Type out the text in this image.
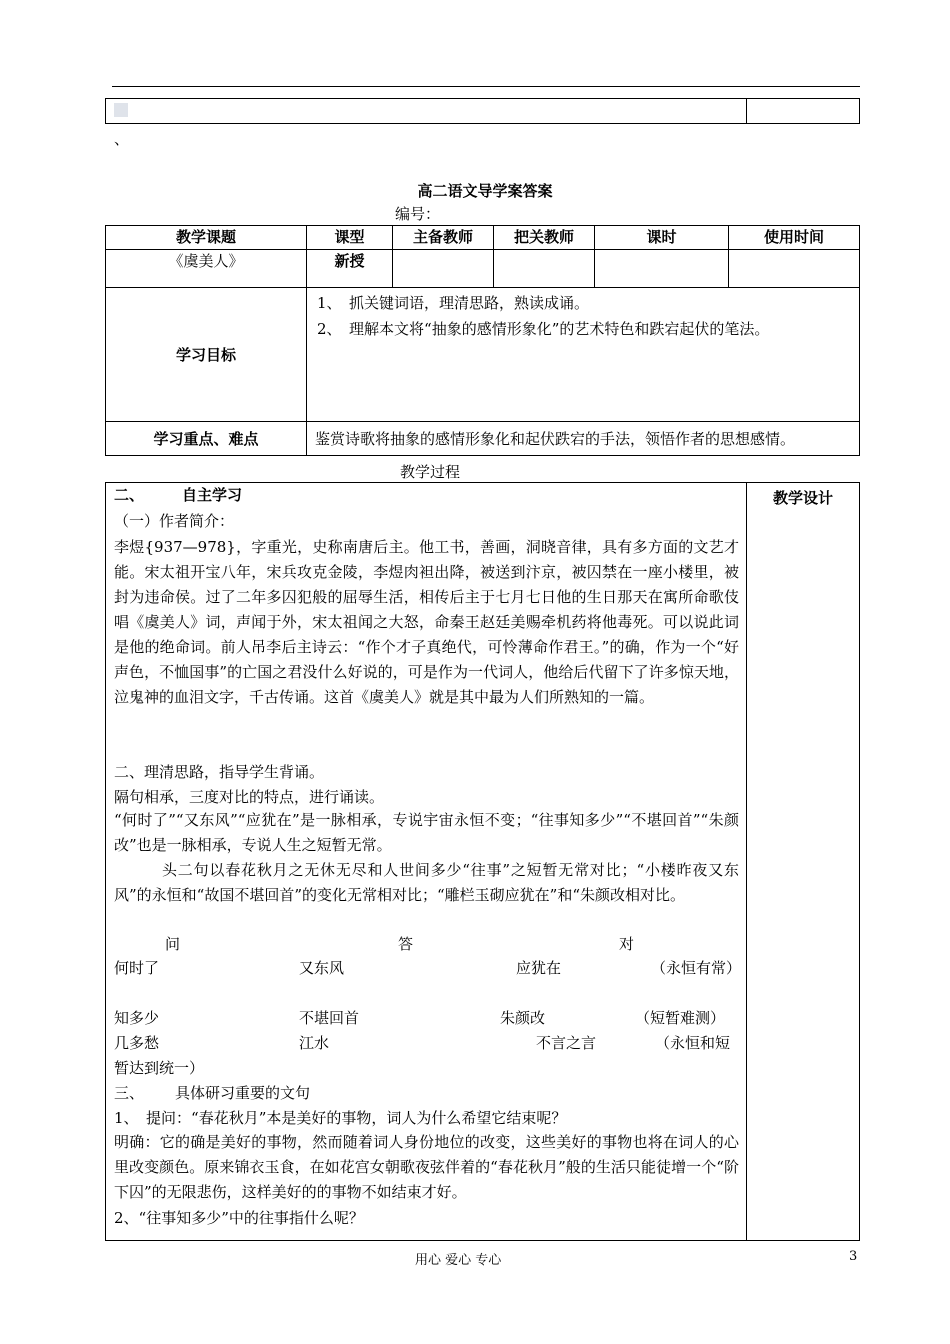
、
高二语文导学案答案
编号：
教学课题	课型	主备教师	把关教师	课时	使用时间
《虞美人》	新授				
学习目标	1、　抓关键词语，理清思路，熟读成诵。
2、　理解本文将“抽象的感情形象化”的艺术特色和跌宕起伏的笔法。				

学习重点、难点	鉴赏诗歌将抽象的感情形象化和起伏跌宕的手法，领悟作者的思想感情。				
教学过程
	教学设计
二、	自主学习
（一）作者简介：
李煜{937—978}，字重光，史称南唐后主。他工书，善画，洞晓音律，具有多方面的文艺才能。宋太祖开宝八年，宋兵攻克金陵，李煜肉袒出降，被送到汴京，被囚禁在一座小楼里，被封为违命侯。过了二年多囚犯般的屈辱生活，相传后主于七月七日他的生日那天在寓所命歌伎唱《虞美人》词，声闻于外，宋太祖闻之大怒，命秦王赵廷美赐牵机药将他毒死。可以说此词是他的绝命词。前人吊李后主诗云：“作个才子真绝代，可怜薄命作君王。”的确，作为一个“好声色，不恤国事”的亡国之君没什么好说的，可是作为一代词人，他给后代留下了许多惊天地，泣鬼神的血泪文字，千古传诵。这首《虞美人》就是其中最为人们所熟知的一篇。
二、理清思路，指导学生背诵。
隔句相承，三度对比的特点，进行诵读。
“何时了”“又东风”“应犹在”是一脉相承，专说宇宙永恒不变；“往事知多少”“不堪回首”“朱颜改”也是一脉相承，专说人生之短暂无常。
头二句以春花秋月之无休无尽和人世间多少“往事”之短暂无常对比；“小楼昨夜又东风”的永恒和“故国不堪回首”的变化无常相对比；“雕栏玉砌应犹在”和“朱颜改相对比。
问	答	对
何时了	又东风	应犹在	（永恒有常）
知多少	不堪回首	朱颜改	（短暂难测）
几多愁	江水	不言之言	（永恒和短
暂达到统一）
三、 具体研习重要的文句
1、　提问：“春花秋月”本是美好的事物，词人为什么希望它结束呢？
明确：它的确是美好的事物，然而随着词人身份地位的改变，这些美好的事物也将在词人的心里改变颜色。原来锦衣玉食，在如花宫女朝歌夜弦伴着的“春花秋月”般的生活只能徒增一个“阶下囚”的无限悲伤，这样美好的的事物不如结束才好。
2、“往事知多少”中的往事指什么呢？
用心 爱心 专心	3
